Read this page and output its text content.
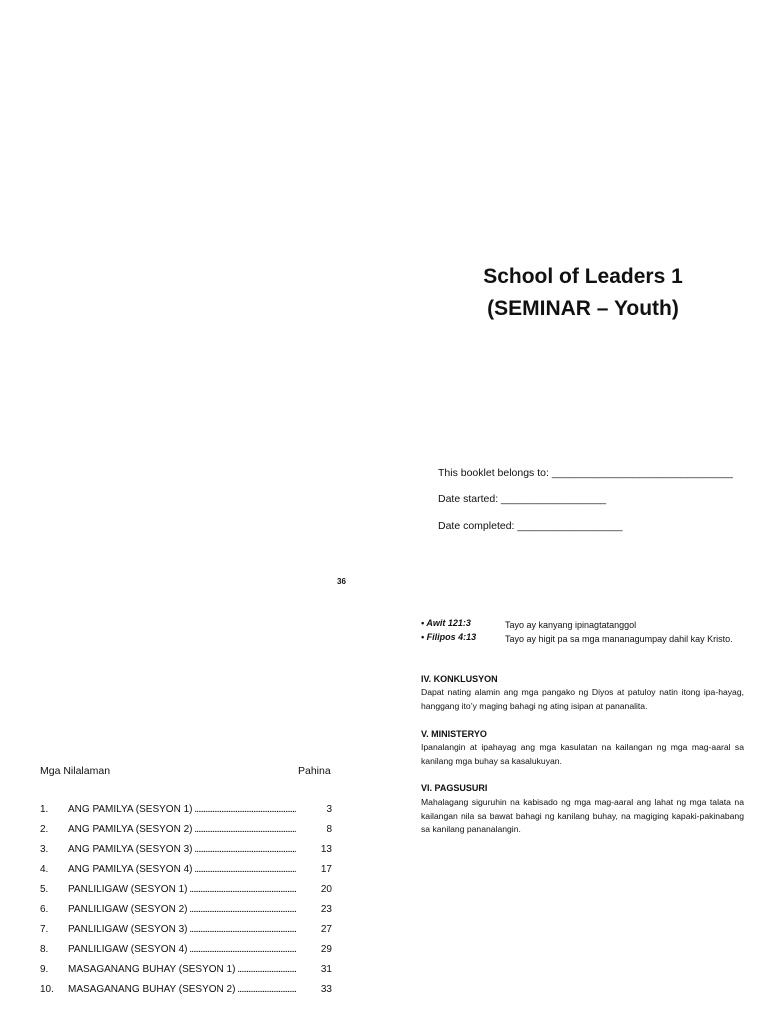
School of Leaders 1
(SEMINAR – Youth)
This booklet belongs to: _______________________________
Date started: __________________
Date completed: __________________
36
• Awit 121:3	Tayo ay kanyang ipinagtatanggol
• Filipos 4:13	Tayo ay higit pa sa mga mananagumpay dahil kay Kristo.
IV. KONKLUSYON
Dapat nating alamin ang mga pangako ng Diyos at patuloy natin itong ipa-hayag, hanggang ito’y maging bahagi ng ating isipan at pananalita.
V. MINISTERYO
Ipanalangin at ipahayag ang mga kasulatan na kailangan ng mga mag-aaral sa kanilang mga buhay sa kasalukuyan.
VI. PAGSUSURI
Mahalagang siguruhin na kabisado ng mga mag-aaral ang lahat ng mga talata na kailangan nila sa bawat bahagi ng kanilang buhay, na magiging kapaki-pakinabang sa kanilang pananalangin.
Mga Nilalaman	Pahina
1. ANG PAMILYA (SESYON 1) .....	3
2. ANG PAMILYA (SESYON 2) .....	8
3. ANG PAMILYA (SESYON 3) .....	13
4. ANG PAMILYA (SESYON 4) .....	17
5. PANLILIGAW (SESYON 1) .....	20
6. PANLILIGAW (SESYON 2) .....	23
7. PANLILIGAW (SESYON 3) .....	27
8. PANLILIGAW (SESYON 4) .....	29
9. MASAGANANG BUHAY (SESYON 1) .....	31
10. MASAGANANG BUHAY (SESYON 2) .....	33
